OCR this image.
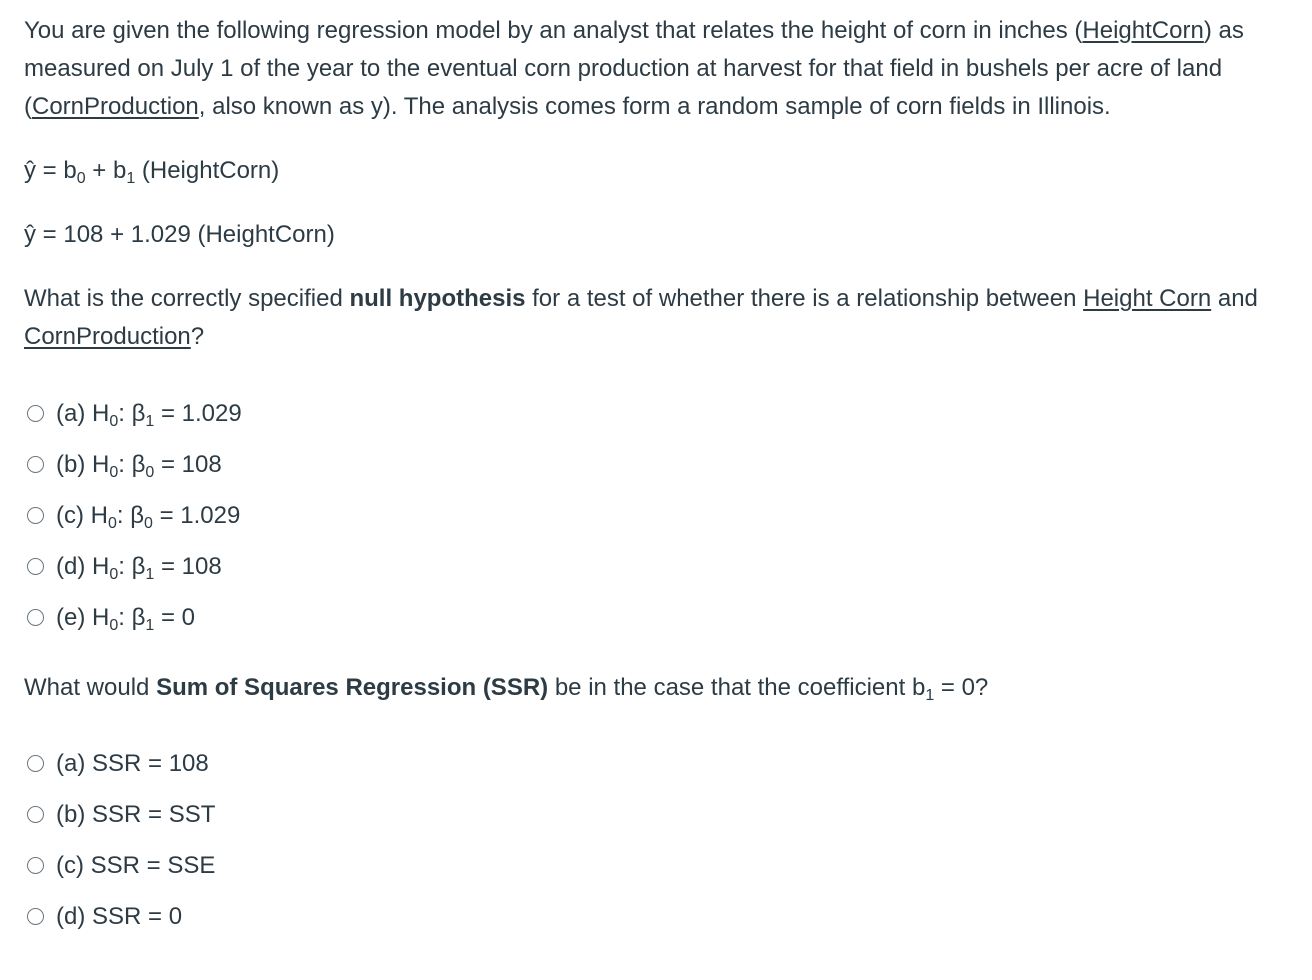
You are given the following regression model by an analyst that relates the height of corn in inches (HeightCorn) as measured on July 1 of the year to the eventual corn production at harvest for that field in bushels per acre of land (CornProduction, also known as y). The analysis comes form a random sample of corn fields in Illinois.

ŷ = $b_0 + b_1$ (HeightCorn)

ŷ = 108 + 1.029 (HeightCorn)

What is the correctly specified null hypothesis for a test of whether there is a relationship between Height Corn and CornProduction?

(a) $H_0$: $\beta_1 = 1.029$
(b) $H_0$: $\beta_0 = 108$
(c) $H_0$: $\beta_0 = 1.029$
(d) $H_0$: $\beta_1 = 108$
(e) $H_0$: $\beta_1 = 0$

What would Sum of Squares Regression (SSR) be in the case that the coefficient $b_1 = 0$?

(a) SSR = 108
(b) SSR = SST
(c) SSR = SSE
(d) SSR = 0
